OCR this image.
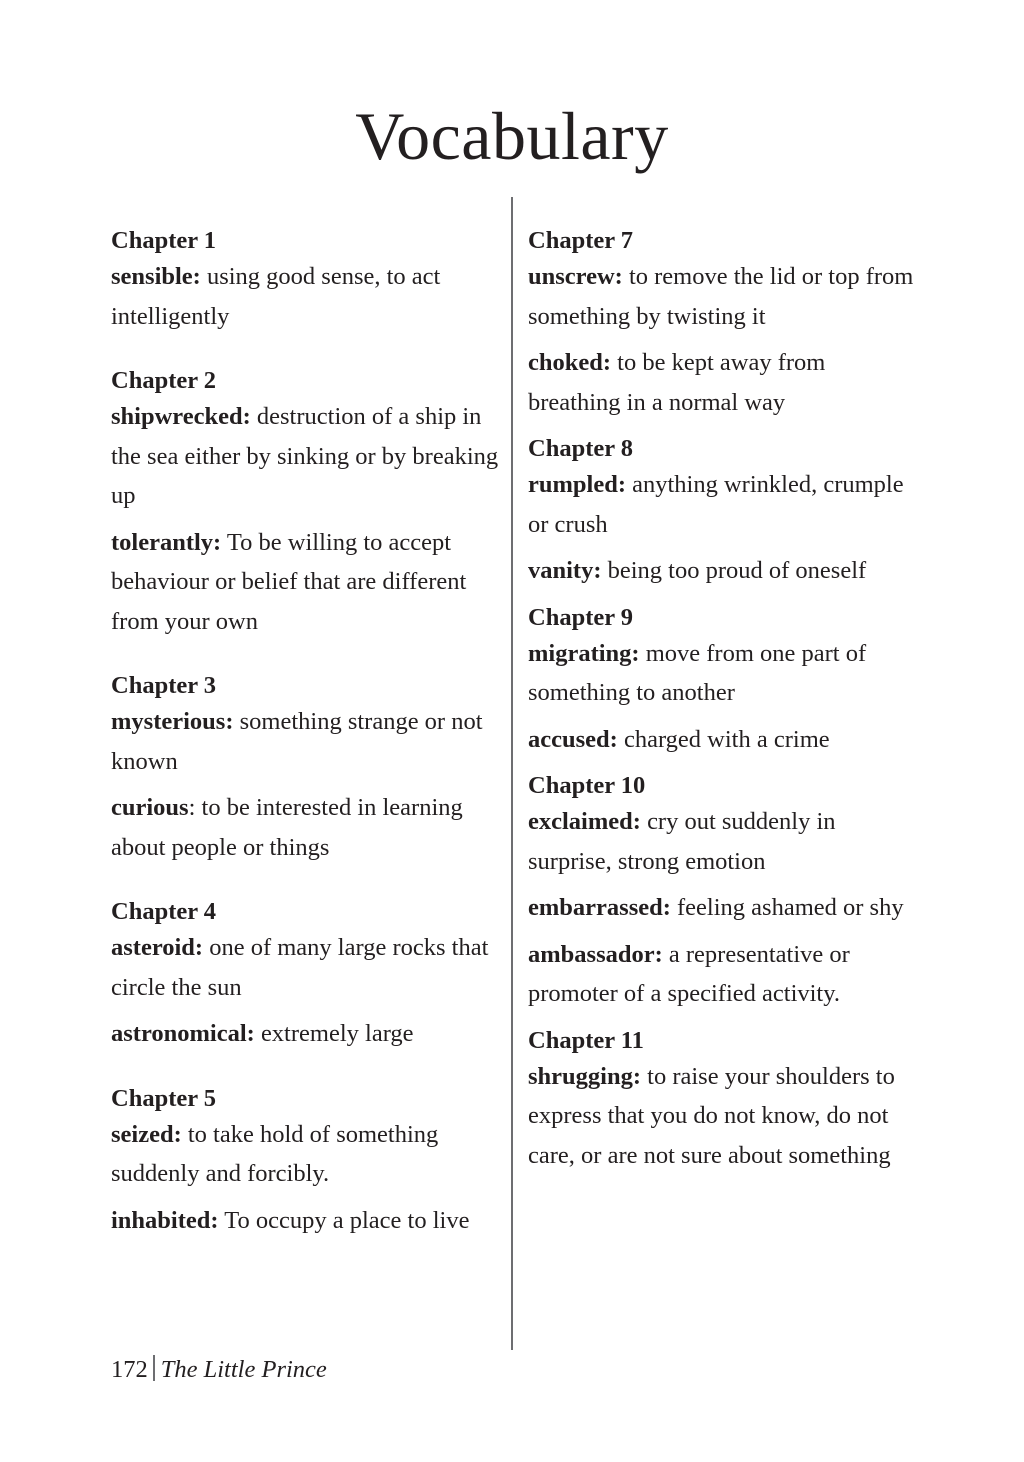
Vocabulary

Chapter 1

sensible: using good sense, to act intelligently

Chapter 2

shipwrecked: destruction of a ship in the sea either by sinking or by breaking up

tolerantly: To be willing to accept behaviour or belief that are different from your own

Chapter 3

mysterious: something strange or not known

curious: to be interested in learning about people or things

Chapter 4

asteroid: one of many large rocks that circle the sun

astronomical: extremely large

Chapter 5

seized: to take hold of something suddenly and forcibly.

inhabited: To occupy a place to live

Chapter 7

unscrew: to remove the lid or top from something by twisting it

choked: to be kept away from breathing in a normal way

Chapter 8

rumpled: anything wrinkled, crumple or crush

vanity: being too proud of oneself

Chapter 9

migrating: move from one part of something to another

accused: charged with a crime

Chapter 10

exclaimed: cry out suddenly in surprise, strong emotion

embarrassed: feeling ashamed or shy

ambassador: a representative or promoter of a specified activity.

Chapter 11

shrugging: to raise your shoulders to express that you do not know, do not care, or are not sure about something

172 The Little Prince
